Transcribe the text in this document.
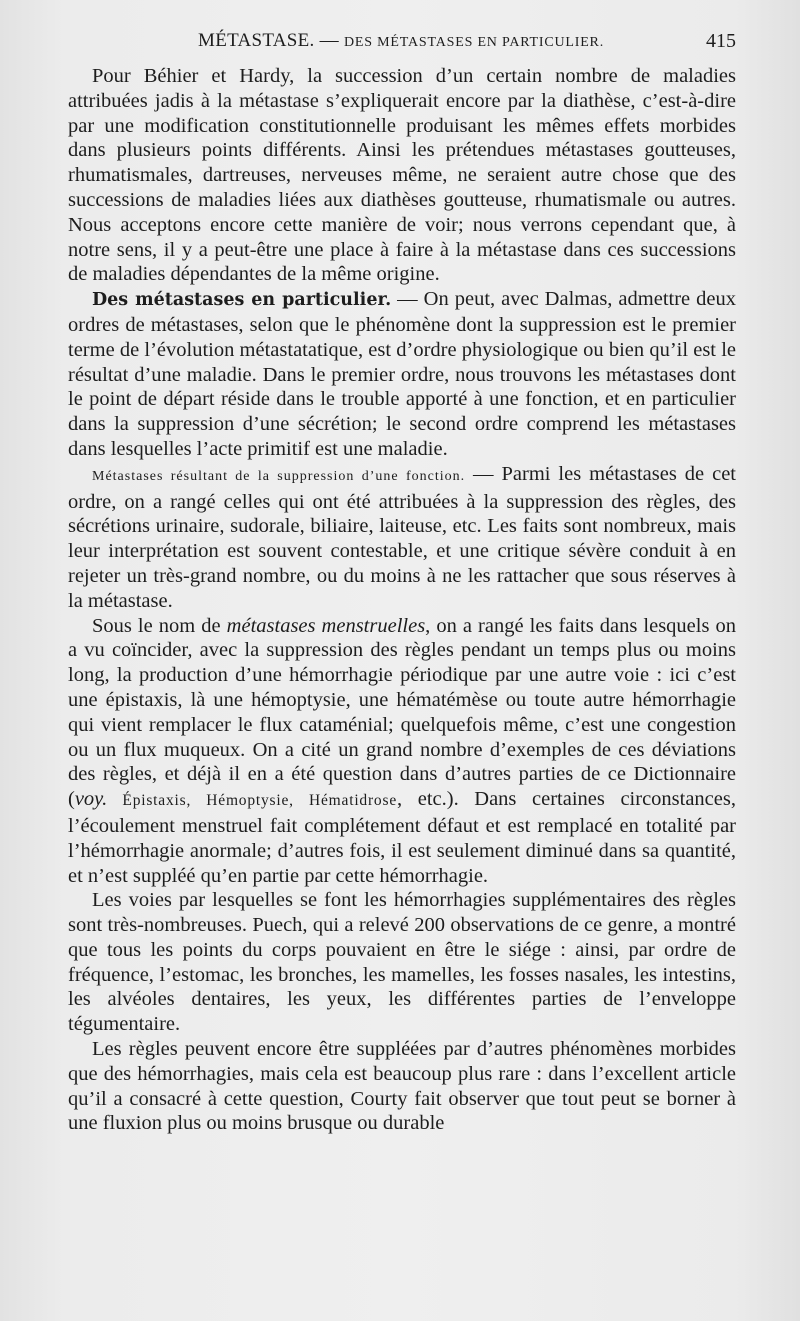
MÉTASTASE. — DES MÉTASTASES EN PARTICULIER.	415

Pour Béhier et Hardy, la succession d’un certain nombre de maladies attribuées jadis à la métastase s’expliquerait encore par la diathèse, c’est-à-dire par une modification constitutionnelle produisant les mêmes effets morbides dans plusieurs points différents. Ainsi les prétendues métastases goutteuses, rhumatismales, dartreuses, nerveuses même, ne seraient autre chose que des successions de maladies liées aux diathèses goutteuse, rhumatismale ou autres. Nous acceptons encore cette manière de voir; nous verrons cependant que, à notre sens, il y a peut-être une place à faire à la métastase dans ces successions de maladies dépendantes de la même origine.

Des métastases en particulier. — On peut, avec Dalmas, admettre deux ordres de métastases, selon que le phénomène dont la suppression est le premier terme de l’évolution métastatatique, est d’ordre physiologique ou bien qu’il est le résultat d’une maladie. Dans le premier ordre, nous trouvons les métastases dont le point de départ réside dans le trouble apporté à une fonction, et en particulier dans la suppression d’une sécrétion; le second ordre comprend les métastases dans lesquelles l’acte primitif est une maladie.

Métastases résultant de la suppression d’une fonction. — Parmi les métastases de cet ordre, on a rangé celles qui ont été attribuées à la suppression des règles, des sécrétions urinaire, sudorale, biliaire, laiteuse, etc. Les faits sont nombreux, mais leur interprétation est souvent contestable, et une critique sévère conduit à en rejeter un très-grand nombre, ou du moins à ne les rattacher que sous réserves à la métastase.

Sous le nom de métastases menstruelles, on a rangé les faits dans lesquels on a vu coïncider, avec la suppression des règles pendant un temps plus ou moins long, la production d’une hémorrhagie périodique par une autre voie : ici c’est une épistaxis, là une hémoptysie, une hématémèse ou toute autre hémorrhagie qui vient remplacer le flux cataménial; quelquefois même, c’est une congestion ou un flux muqueux. On a cité un grand nombre d’exemples de ces déviations des règles, et déjà il en a été question dans d’autres parties de ce Dictionnaire (voy. Épistaxis, Hémoptysie, Hématidrose, etc.). Dans certaines circonstances, l’écoulement menstruel fait complétement défaut et est remplacé en totalité par l’hémorrhagie anormale; d’autres fois, il est seulement diminué dans sa quantité, et n’est suppléé qu’en partie par cette hémorrhagie.

Les voies par lesquelles se font les hémorrhagies supplémentaires des règles sont très-nombreuses. Puech, qui a relevé 200 observations de ce genre, a montré que tous les points du corps pouvaient en être le siége : ainsi, par ordre de fréquence, l’estomac, les bronches, les mamelles, les fosses nasales, les intestins, les alvéoles dentaires, les yeux, les différentes parties de l’enveloppe tégumentaire.

Les règles peuvent encore être suppléées par d’autres phénomènes morbides que des hémorrhagies, mais cela est beaucoup plus rare : dans l’excellent article qu’il a consacré à cette question, Courty fait observer que tout peut se borner à une fluxion plus ou moins brusque ou durable
